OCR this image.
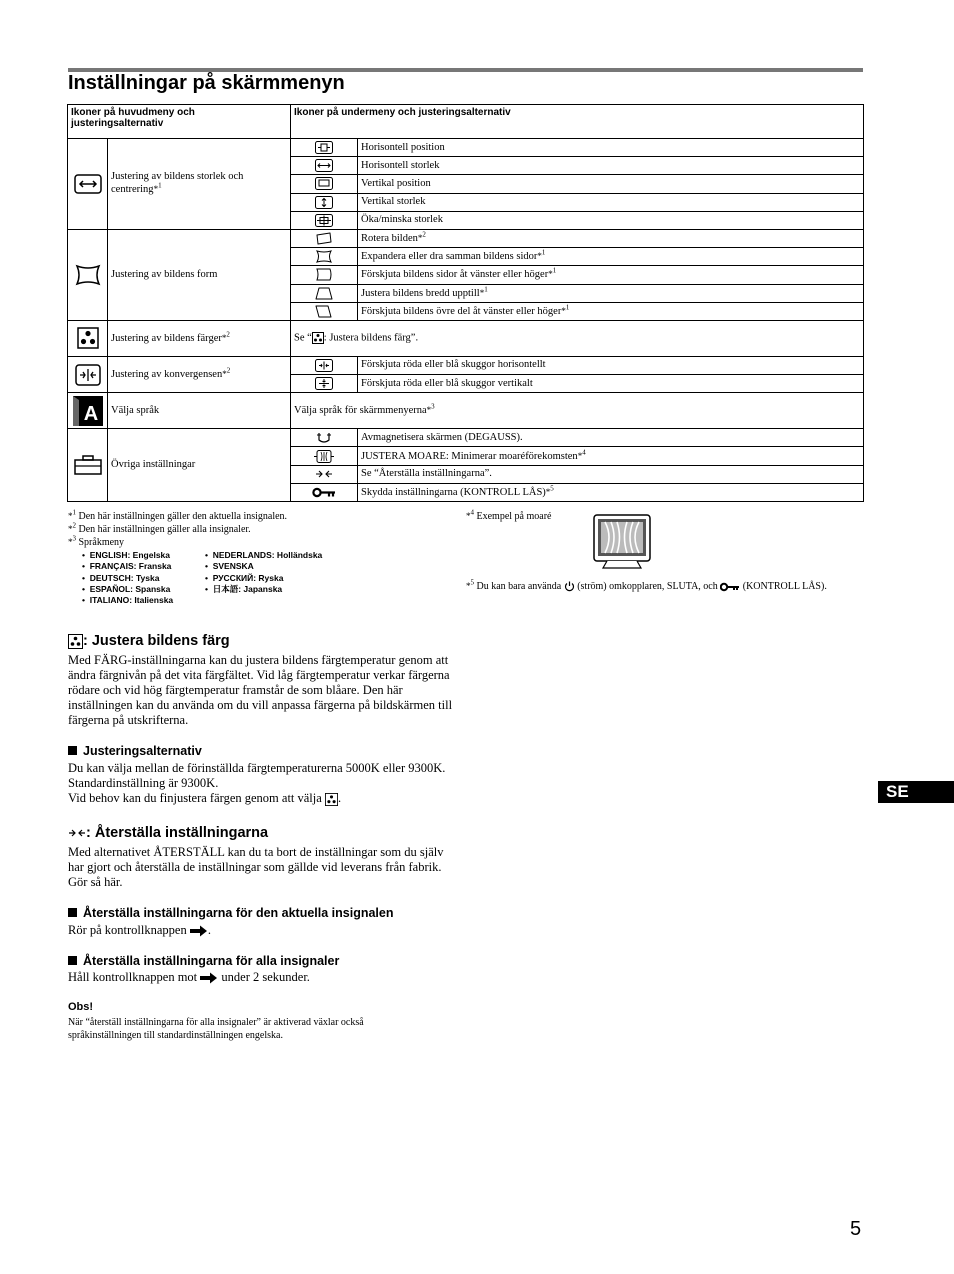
Inställningar på skärmmenyn
Ikoner på huvudmeny och justeringsalternativ		Ikoner på undermeny och justeringsalternativ	
	Justering av bildens storlek och centrering*$^1$		Horisontell position
	Horisontell storlek
	Vertikal position
	Vertikal storlek
	Öka/minska storlek
	Justering av bildens form		Rotera bilden*$^2$
	Expandera eller dra samman bildens sidor*$^1$
	Förskjuta bildens sidor åt vänster eller höger*$^1$
	Justera bildens bredd upptill*$^1$
	Förskjuta bildens övre del åt vänster eller höger*$^1$
	Justering av bildens färger*$^2$	Se “ : Justera bildens färg”.	
	Justering av konvergensen*$^2$		Förskjuta röda eller blå skuggor horisontellt
	Förskjuta röda eller blå skuggor vertikalt

A	Välja språk	Välja språk för skärmmenyerna*$^3$
	Övriga inställningar		Avmagnetisera skärmen (DEGAUSS).
	JUSTERA MOARE: Minimerar moaréförekomsten*$^4$
	Se “Återställa inställningarna”.
	Skydda inställningarna (KONTROLL LÅS)*$^5$
*$^1$ Den här inställningen gäller den aktuella insignalen.
*$^2$ Den här inställningen gäller alla insignaler.
*$^3$ Språkmeny
•  ENGLISH: Engelska
•  FRANÇAIS: Franska
•  DEUTSCH: Tyska
•  ESPAÑOL: Spanska
•  ITALIANO: Italienska
•  NEDERLANDS: Holländska
•  SVENSKA
•  РУССКИЙ: Ryska
•  日本語: Japanska
*$^4$ Exempel på moaré
*$^5$ Du kan bara använda (ström) omkopplaren, SLUTA, och	(KONTROLL LÅS).
: Justera bildens färg

Med FÄRG-inställningarna kan du justera bildens färgtemperatur genom att ändra färgnivån på det vita färgfältet. Vid låg färgtemperatur verkar färgerna rödare och vid hög färgtemperatur framstår de som blåare. Den här inställningen kan du använda om du vill anpassa färgerna på bildskärmen till färgerna på utskrifterna.

Justeringsalternativ

Du kan välja mellan de förinställda färgtemperaturerna 5000K eller 9300K. Standardinställning är 9300K.
Vid behov kan du finjustera färgen genom att välja .

: Återställa inställningarna

Med alternativet ÅTERSTÄLL kan du ta bort de inställningar som du själv har gjort och återställa de inställningar som gällde vid leverans från fabrik. Gör så här.

Återställa inställningarna för den aktuella insignalen

Rör på kontrollknappen .

Återställa inställningarna för alla insignaler

Håll kontrollknappen mot under 2 sekunder.

Obs!
När “återställ inställningarna för alla insignaler” är aktiverad växlar också språkinställningen till standardinställningen engelska.
SE
5
